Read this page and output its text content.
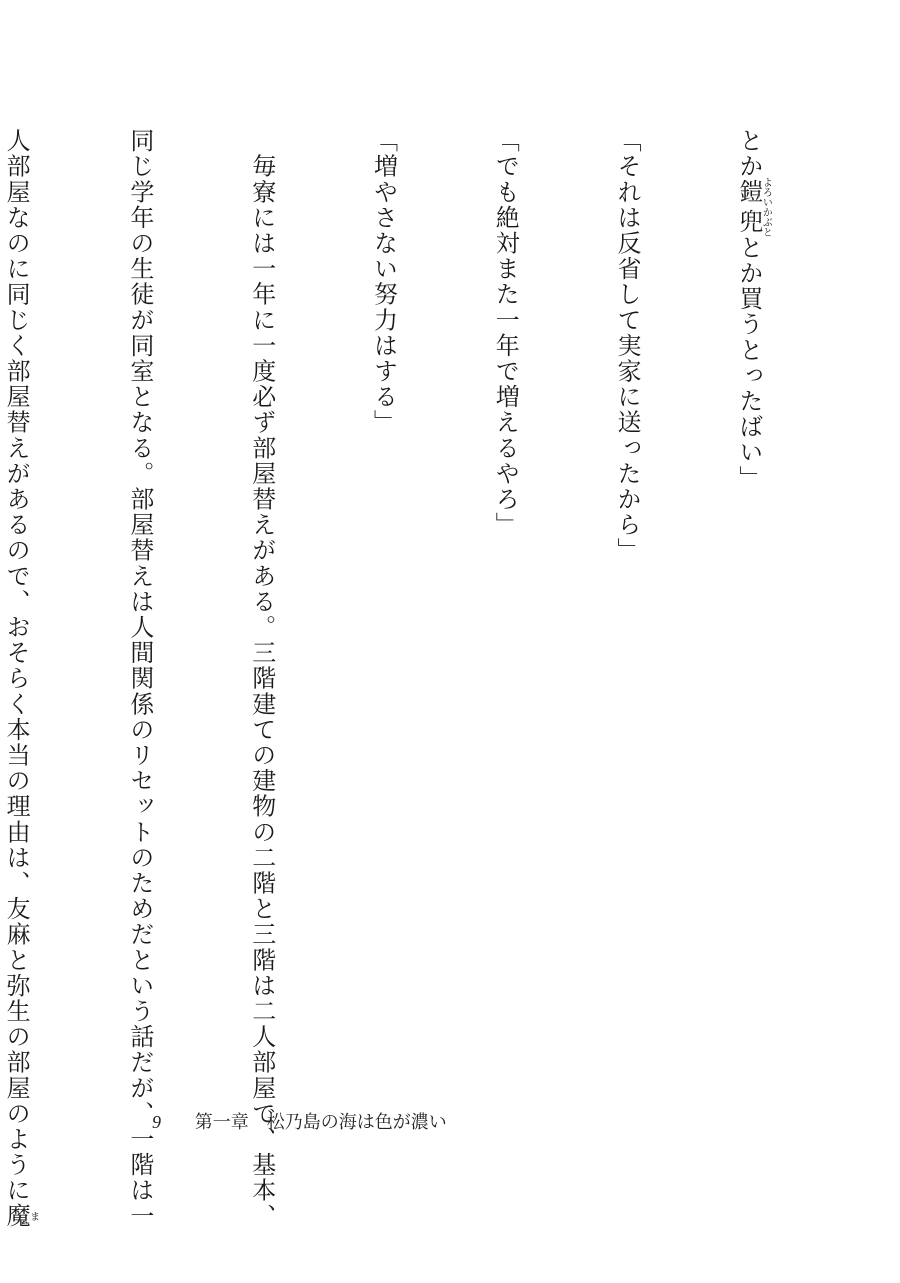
とか鎧兜よろいかぶととか買うとったばい」

「それは反省して実家に送ったから」

「でも絶対また一年で増えるやろ」

「増やさない努力はする」

　毎寮には一年に一度必ず部屋替えがある。三階建ての建物の二階と三階は二人部屋で、基本、

同じ学年の生徒が同室となる。部屋替えは人間関係のリセットのためだという話だが、一階は一

人部屋なのに同じく部屋替えがあるので、おそらく本当の理由は、友麻と弥生の部屋のように魔ま

9 第一章　松乃島の海は色が濃い
